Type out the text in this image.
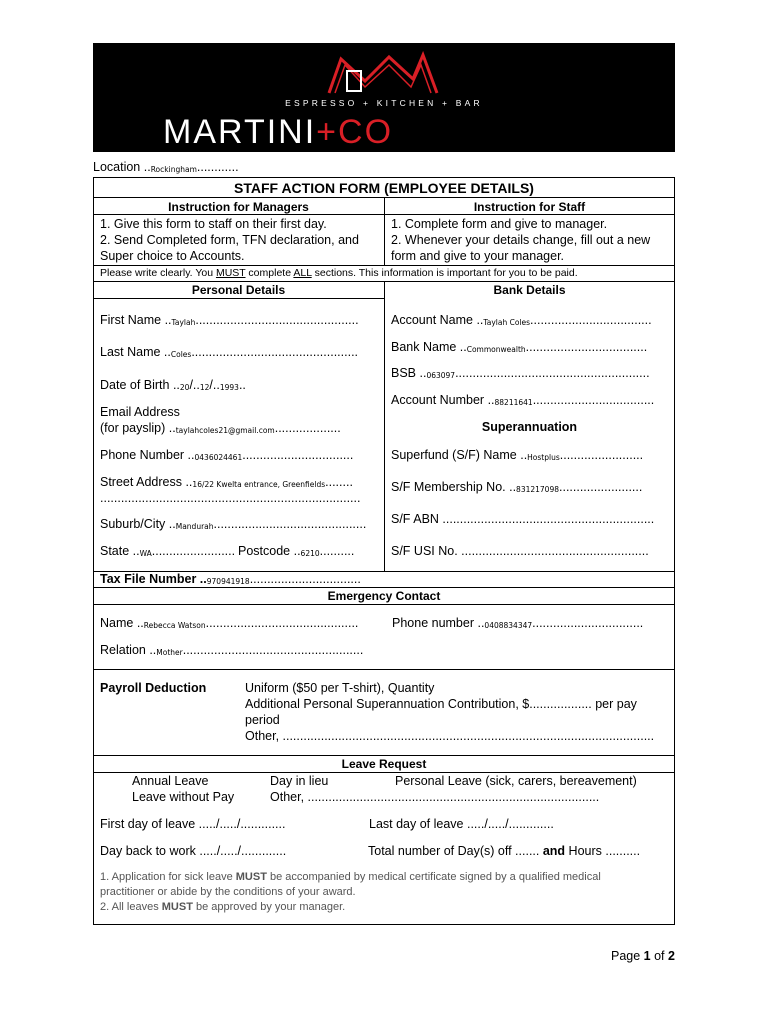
ESPRESSO + KITCHEN + BAR
MARTINI+CO
Location ..Rockingham............
STAFF ACTION FORM (EMPLOYEE DETAILS)
Instruction for Managers	Instruction for Staff
1. Give this form to staff on their first day.
2. Send Completed form, TFN declaration, and
Super choice to Accounts.
1. Complete form and give to manager.
2. Whenever your details change, fill out a new
form and give to your manager.
Please write clearly. You MUST complete ALL sections. This information is important for you to be paid.
Personal Details	Bank Details
First Name ..Taylah...............................................
Last Name ..Coles................................................
Date of Birth ..20/..12/..1993..
Email Address
(for payslip) ..taylahcoles21@gmail.com...................
Phone Number ..0436024461................................
Street Address ..16/22 Kwelta entrance, Greenfields........
...........................................................................
Suburb/City ..Mandurah............................................
State ..WA........................ Postcode ..6210..........
Account Name ..Taylah Coles...................................
Bank Name ..Commonwealth...................................
BSB ..063097........................................................
Account Number ..88211641...................................
Superannuation
Superfund (S/F) Name ..Hostplus........................
S/F Membership No. ..831217098........................
S/F ABN .............................................................
S/F USI No. ......................................................
Tax File Number ..970941918................................
Emergency Contact
Name ..Rebecca Watson............................................	Phone number ..0408834347................................
Relation ..Mother....................................................
Payroll Deduction	Uniform ($50 per T-shirt), Quantity
Additional Personal Superannuation Contribution, $.................. per pay
period
Other, ...........................................................................................................
Leave Request
Annual Leave	Day in lieu	Personal Leave (sick, carers, bereavement)
Leave without Pay	Other, ....................................................................................
First day of leave ...../...../.............	Last day of leave ...../...../.............
Day back to work ...../...../.............	Total number of Day(s) off ....... and Hours ..........
1. Application for sick leave MUST be accompanied by medical certificate signed by a qualified medical
practitioner or abide by the conditions of your award.
2. All leaves MUST be approved by your manager.
Page 1 of 2
